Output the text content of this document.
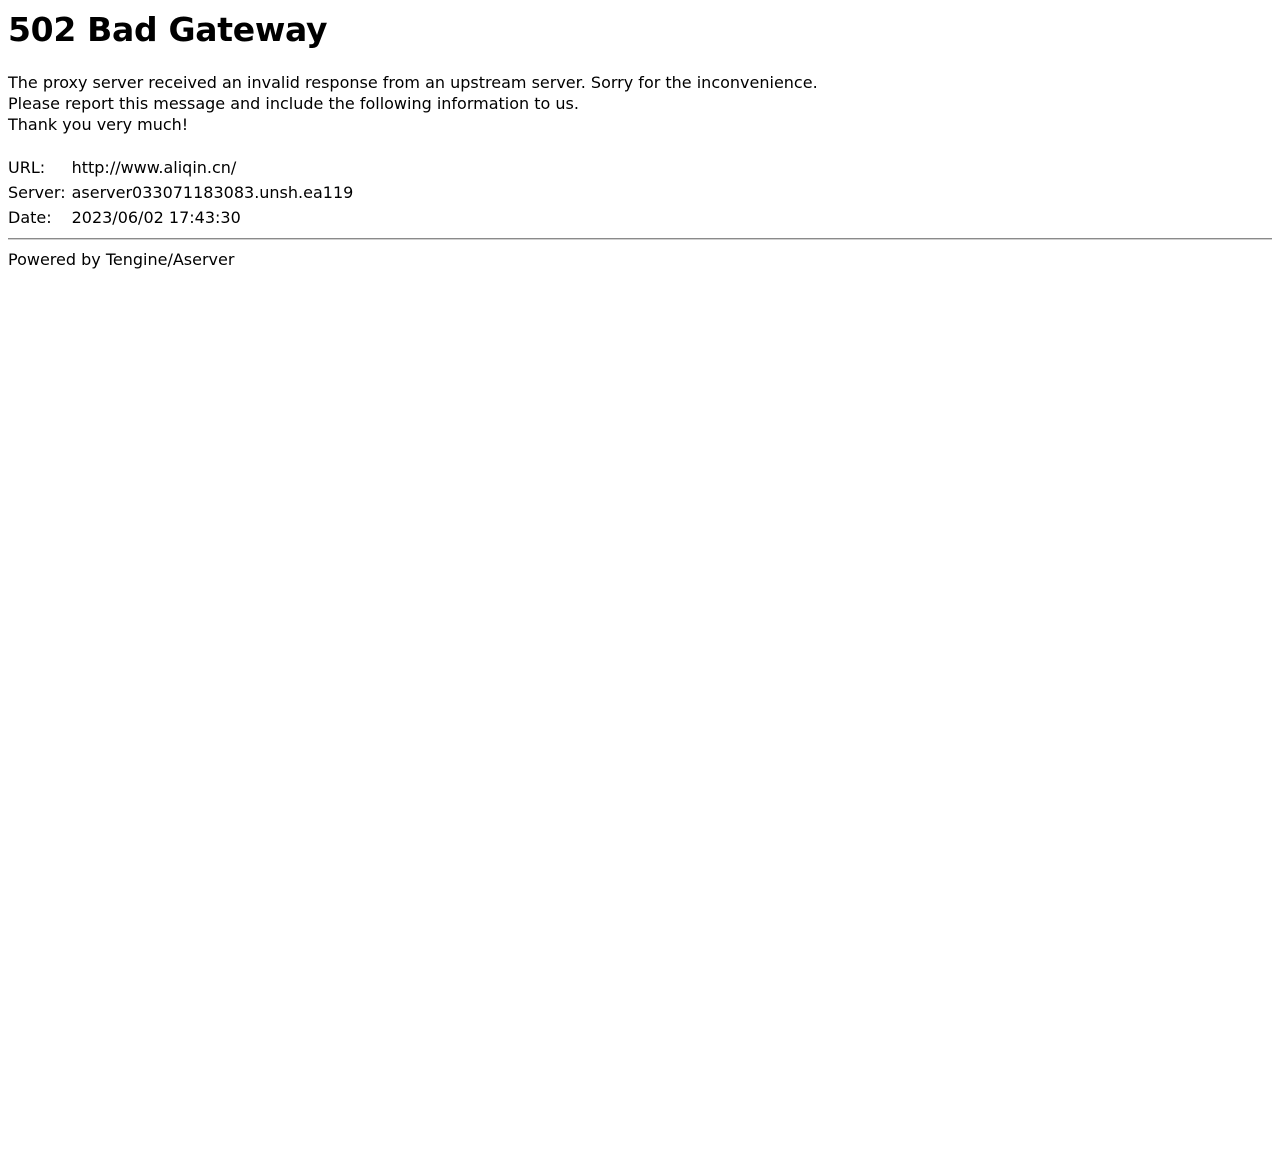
502 Bad Gateway

The proxy server received an invalid response from an upstream server. Sorry for the inconvenience.
Please report this message and include the following information to us.
Thank you very much!

URL:	http://www.aliqin.cn/
Server:	aserver033071183083.unsh.ea119
Date:	2023/06/02 17:43:30
Powered by Tengine/Aserver
